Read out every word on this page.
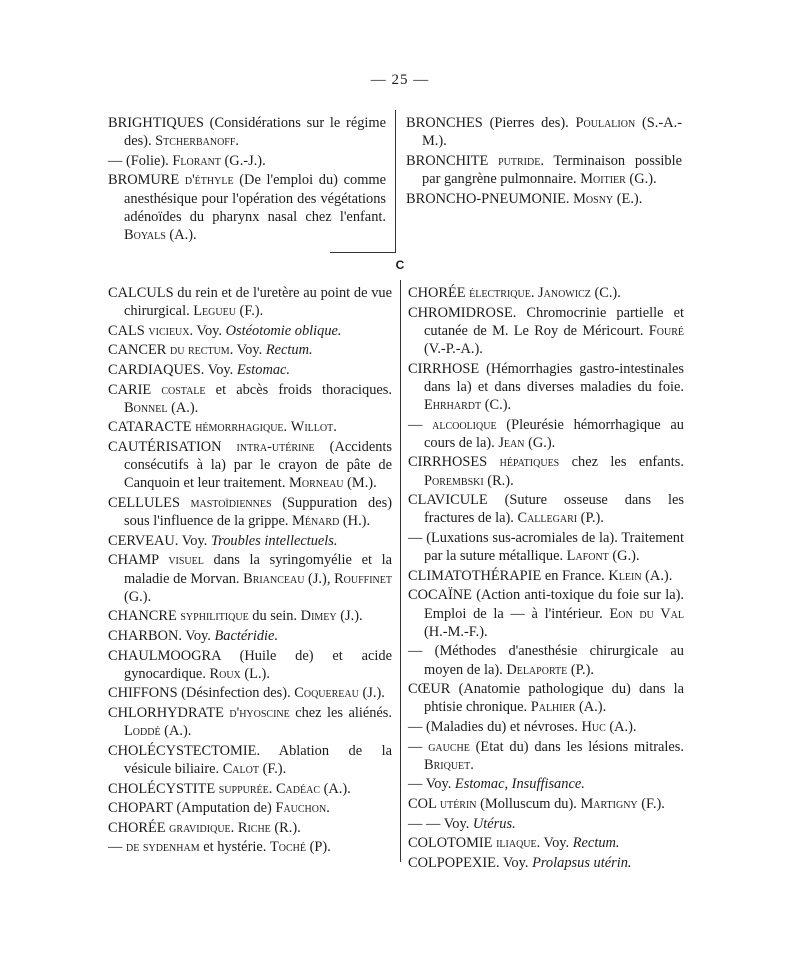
— 25 —
BRIGHTIQUES (Considérations sur le régime des). Stcherbanoff.
— (Folie). Florant (G.-J.).
BROMURE d'éthyle (De l'emploi du) comme anesthésique pour l'opération des végétations adénoïdes du pharynx nasal chez l'enfant. Boyals (A.).
BRONCHES (Pierres des). Poulalion (S.-A.-M.).
BRONCHITE putride. Terminaison possible par gangrène pulmonnaire. Moitier (G.).
BRONCHO-PNEUMONIE. Mosny (E.).
C
CALCULS du rein et de l'uretère au point de vue chirurgical. Legueu (F.).
CALS vicieux. Voy. Ostéotomie oblique.
CANCER du rectum. Voy. Rectum.
CARDIAQUES. Voy. Estomac.
CARIE costale et abcès froids thoraciques. Bonnel (A.).
CATARACTE hémorrhagique. Willot.
CAUTÉRISATION intra-utérine (Accidents consécutifs à la) par le crayon de pâte de Canquoin et leur traitement. Morneau (M.).
CELLULES mastoïdiennes (Suppuration des) sous l'influence de la grippe. Ménard (H.).
CERVEAU. Voy. Troubles intellectuels.
CHAMP visuel dans la syringomyélie et la maladie de Morvan. Brianceau (J.), Rouffinet (G.).
CHANCRE syphilitique du sein. Dimey (J.).
CHARBON. Voy. Bactéridie.
CHAULMOOGRA (Huile de) et acide gynocardique. Roux (L.).
CHIFFONS (Désinfection des). Coquereau (J.).
CHLORHYDRATE d'hyoscine chez les aliénés. Loddé (A.).
CHOLÉCYSTECTOMIE. Ablation de la vésicule biliaire. Calot (F.).
CHOLÉCYSTITE suppurée. Cadéac (A.).
CHOPART (Amputation de) Fauchon.
CHORÉE gravidique. Riche (R.).
— de sydenham et hystérie. Toché (P).
CHORÉE électrique. Janowicz (C.).
CHROMIDROSE. Chromocrinie partielle et cutanée de M. Le Roy de Méricourt. Fouré (V.-P.-A.).
CIRRHOSE (Hémorrhagies gastro-intestinales dans la) et dans diverses maladies du foie. Ehrhardt (C.).
— alcoolique (Pleurésie hémorrhagique au cours de la). Jean (G.).
CIRRHOSES hépatiques chez les enfants. Porembski (R.).
CLAVICULE (Suture osseuse dans les fractures de la). Callegari (P.).
— (Luxations sus-acromiales de la). Traitement par la suture métallique. Lafont (G.).
CLIMATOTHÉRAPIE en France. Klein (A.).
COCAÏNE (Action anti-toxique du foie sur la). Emploi de la — à l'intérieur. Eon du Val (H.-M.-F.).
— (Méthodes d'anesthésie chirurgicale au moyen de la). Delaporte (P.).
CŒUR (Anatomie pathologique du) dans la phtisie chronique. Palhier (A.).
— (Maladies du) et névroses. Huc (A.).
— gauche (Etat du) dans les lésions mitrales. Briquet.
— Voy. Estomac, Insuffisance.
COL utérin (Molluscum du). Martigny (F.).
— — Voy. Utérus.
COLOTOMIE iliaque. Voy. Rectum.
COLPOPEXIE. Voy. Prolapsus utérin.
